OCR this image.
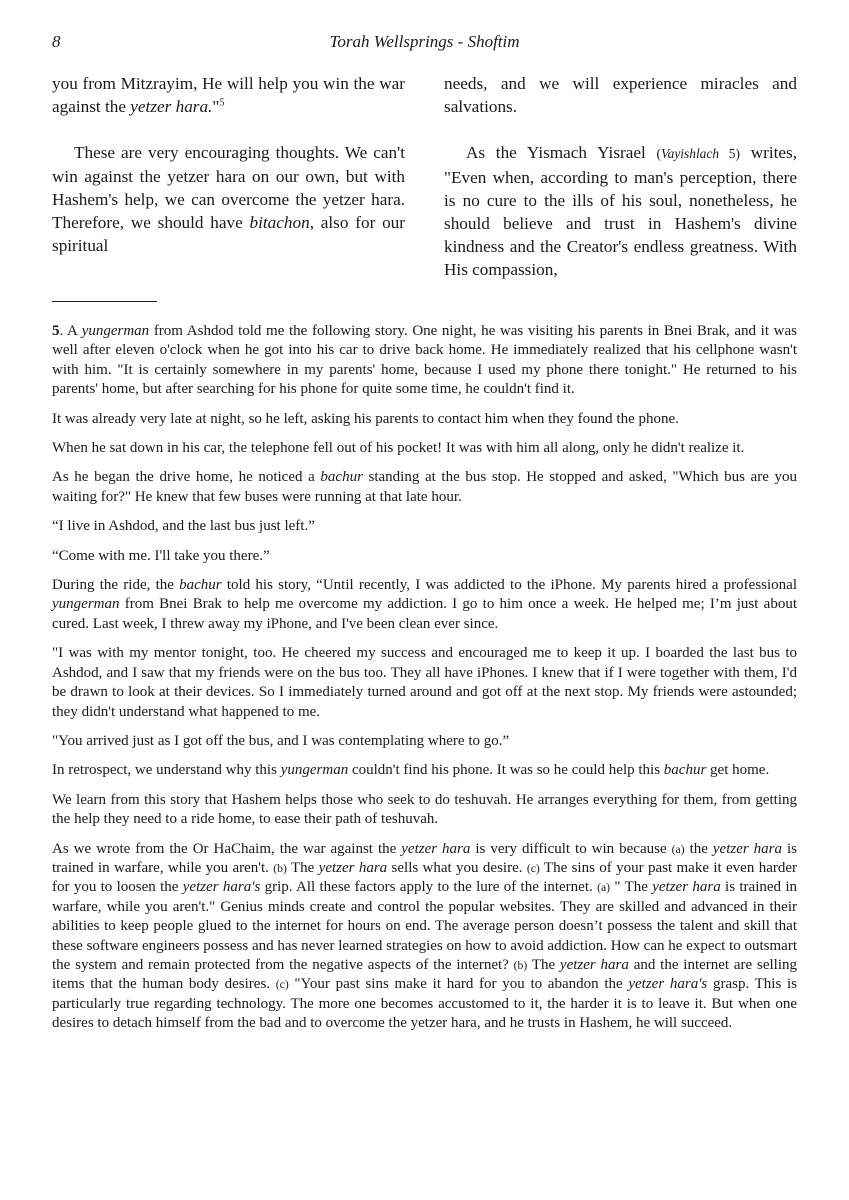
8	Torah Wellsprings - Shoftim

you from Mitzrayim, He will help you win the war against the yetzer hara."$^5$

These are very encouraging thoughts. We can't win against the yetzer hara on our own, but with Hashem's help, we can overcome the yetzer hara. Therefore, we should have bitachon, also for our spiritual

needs, and we will experience miracles and salvations.

As the Yismach Yisrael (Vayishlach 5) writes, "Even when, according to man's perception, there is no cure to the ills of his soul, nonetheless, he should believe and trust in Hashem's divine kindness and the Creator's endless greatness. With His compassion,

5. A yungerman from Ashdod told me the following story. One night, he was visiting his parents in Bnei Brak, and it was well after eleven o'clock when he got into his car to drive back home. He immediately realized that his cellphone wasn't with him. "It is certainly somewhere in my parents' home, because I used my phone there tonight." He returned to his parents' home, but after searching for his phone for quite some time, he couldn't find it.

It was already very late at night, so he left, asking his parents to contact him when they found the phone.

When he sat down in his car, the telephone fell out of his pocket! It was with him all along, only he didn't realize it.

As he began the drive home, he noticed a bachur standing at the bus stop. He stopped and asked, "Which bus are you waiting for?" He knew that few buses were running at that late hour.

“I live in Ashdod, and the last bus just left.”

“Come with me. I'll take you there.”

During the ride, the bachur told his story, “Until recently, I was addicted to the iPhone. My parents hired a professional yungerman from Bnei Brak to help me overcome my addiction. I go to him once a week. He helped me; I’m just about cured. Last week, I threw away my iPhone, and I've been clean ever since.

"I was with my mentor tonight, too. He cheered my success and encouraged me to keep it up. I boarded the last bus to Ashdod, and I saw that my friends were on the bus too. They all have iPhones. I knew that if I were together with them, I'd be drawn to look at their devices. So I immediately turned around and got off at the next stop. My friends were astounded; they didn't understand what happened to me.

"You arrived just as I got off the bus, and I was contemplating where to go.”

In retrospect, we understand why this yungerman couldn't find his phone. It was so he could help this bachur get home.

We learn from this story that Hashem helps those who seek to do teshuvah. He arranges everything for them, from getting the help they need to a ride home, to ease their path of teshuvah.

As we wrote from the Or HaChaim, the war against the yetzer hara is very difficult to win because (a) the yetzer hara is trained in warfare, while you aren't. (b) The yetzer hara sells what you desire. (c) The sins of your past make it even harder for you to loosen the yetzer hara's grip. All these factors apply to the lure of the internet. (a) " The yetzer hara is trained in warfare, while you aren't." Genius minds create and control the popular websites. They are skilled and advanced in their abilities to keep people glued to the internet for hours on end. The average person doesn’t possess the talent and skill that these software engineers possess and has never learned strategies on how to avoid addiction. How can he expect to outsmart the system and remain protected from the negative aspects of the internet? (b) The yetzer hara and the internet are selling items that the human body desires. (c) "Your past sins make it hard for you to abandon the yetzer hara's grasp. This is particularly true regarding technology. The more one becomes accustomed to it, the harder it is to leave it. But when one desires to detach himself from the bad and to overcome the yetzer hara, and he trusts in Hashem, he will succeed.
